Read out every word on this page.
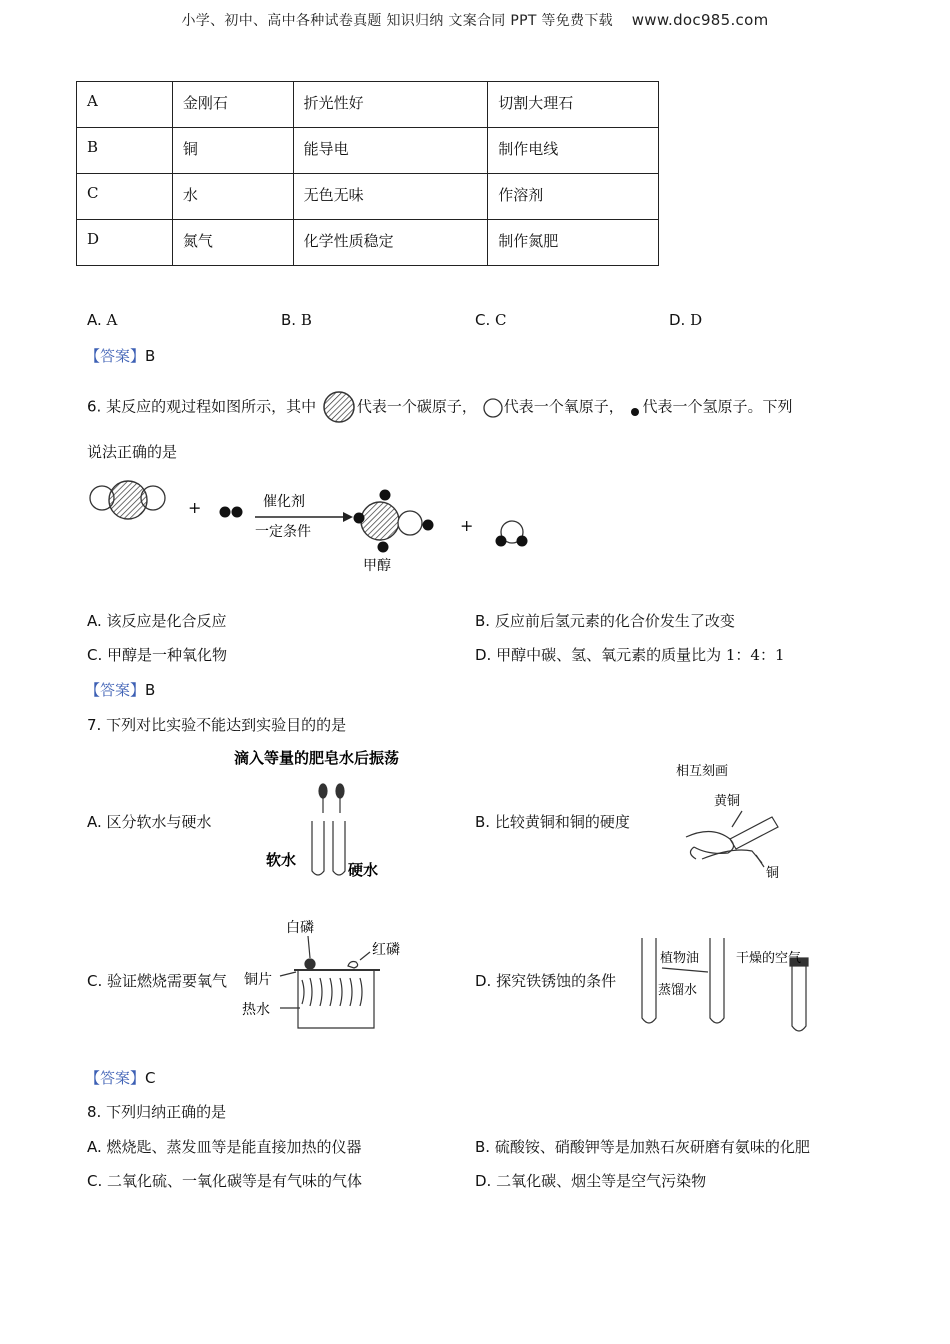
小学、初中、高中各种试卷真题 知识归纳 文案合同 PPT 等免费下载 www.doc985.com
A	金刚石	折光性好	切割大理石
B	铜	能导电	制作电线
C	水	无色无味	作溶剂
D	氮气	化学性质稳定	制作氮肥
A. A	B. B	C. C	D. D
【答案】B
6. 某反应的观过程如图所示，其中	代表一个碳原子， 代表一个氧原子， 代表一个氢原子。下列
说法正确的是
+	催化剂
一定条件
甲醇
+
A. 该反应是化合反应	B. 反应前后氢元素的化合价发生了改变
C. 甲醇是一种氧化物	D. 甲醇中碳、氢、氧元素的质量比为 1：4：1
【答案】B
7. 下列对比实验不能达到实验目的的是
A. 区分软水与硬水
滴入等量的肥皂水后振荡
软水
硬水
B. 比较黄铜和铜的硬度
相互刻画
黄铜
铜
C. 验证燃烧需要氧气
白磷
红磷
铜片
热水
D. 探究铁锈蚀的条件
植物油
蒸馏水
干燥的空气
【答案】C
8. 下列归纳正确的是
A. 燃烧匙、蒸发皿等是能直接加热的仪器	B. 硫酸铵、硝酸钾等是加熟石灰研磨有氨味的化肥
C. 二氧化硫、一氧化碳等是有气味的气体	D. 二氧化碳、烟尘等是空气污染物
